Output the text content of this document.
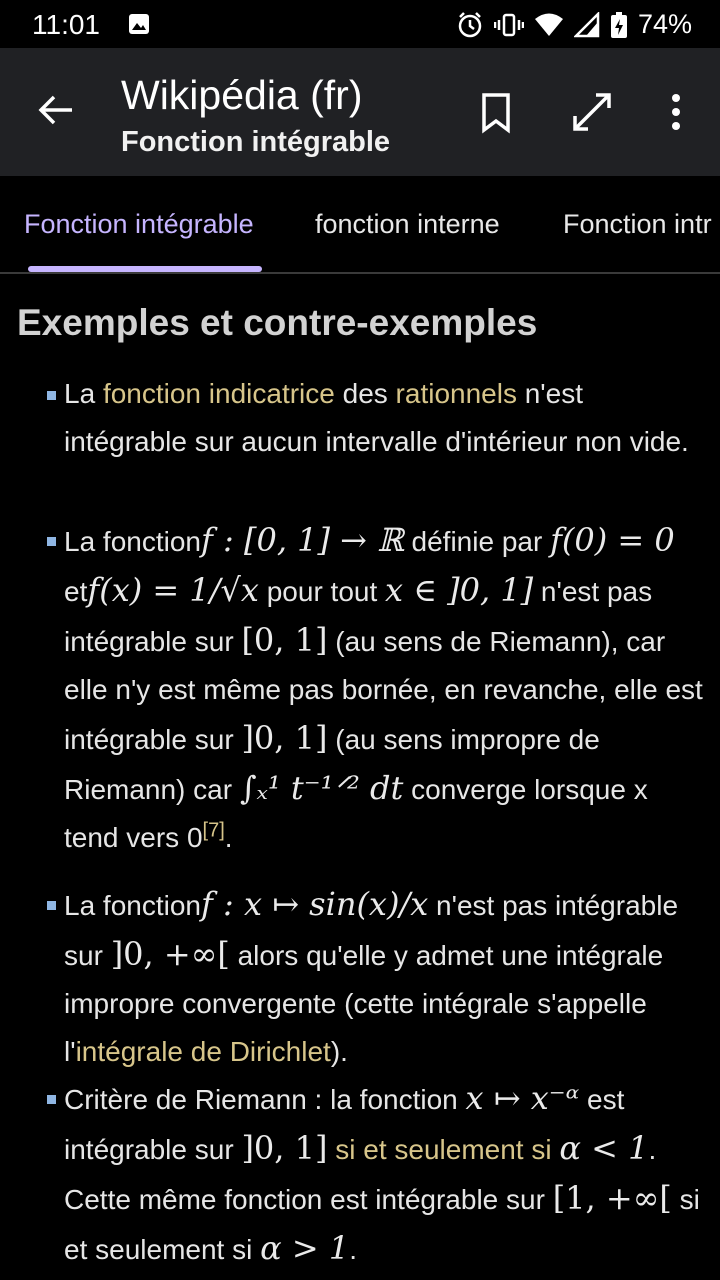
11:01	74%
Wikipédia (fr)
Fonction intégrable
Fonction intégrable fonction interne Fonction intr
Exemples et contre-exemples
La fonction indicatrice des rationnels n'est intégrable sur aucun intervalle d'intérieur non vide.
La fonctionf : [0, 1] → ℝ définie par f(0) = 0 etf(x) = 1/√x pour tout x ∈ ]0, 1] n'est pas intégrable sur [0, 1] (au sens de Riemann), car elle n'y est même pas bornée, en revanche, elle est intégrable sur ]0, 1] (au sens impropre de Riemann) car ∫ₓ¹ t⁻¹ᐟ² dt converge lorsque x tend vers 0[7].
La fonctionf : x ↦ sin(x)/x n'est pas intégrable sur ]0, +∞[ alors qu'elle y admet une intégrale impropre convergente (cette intégrale s'appelle l'intégrale de Dirichlet).
Critère de Riemann : la fonction x ↦ x⁻ᵅ est intégrable sur ]0, 1] si et seulement si α < 1. Cette même fonction est intégrable sur [1, +∞[ si et seulement si α > 1.
